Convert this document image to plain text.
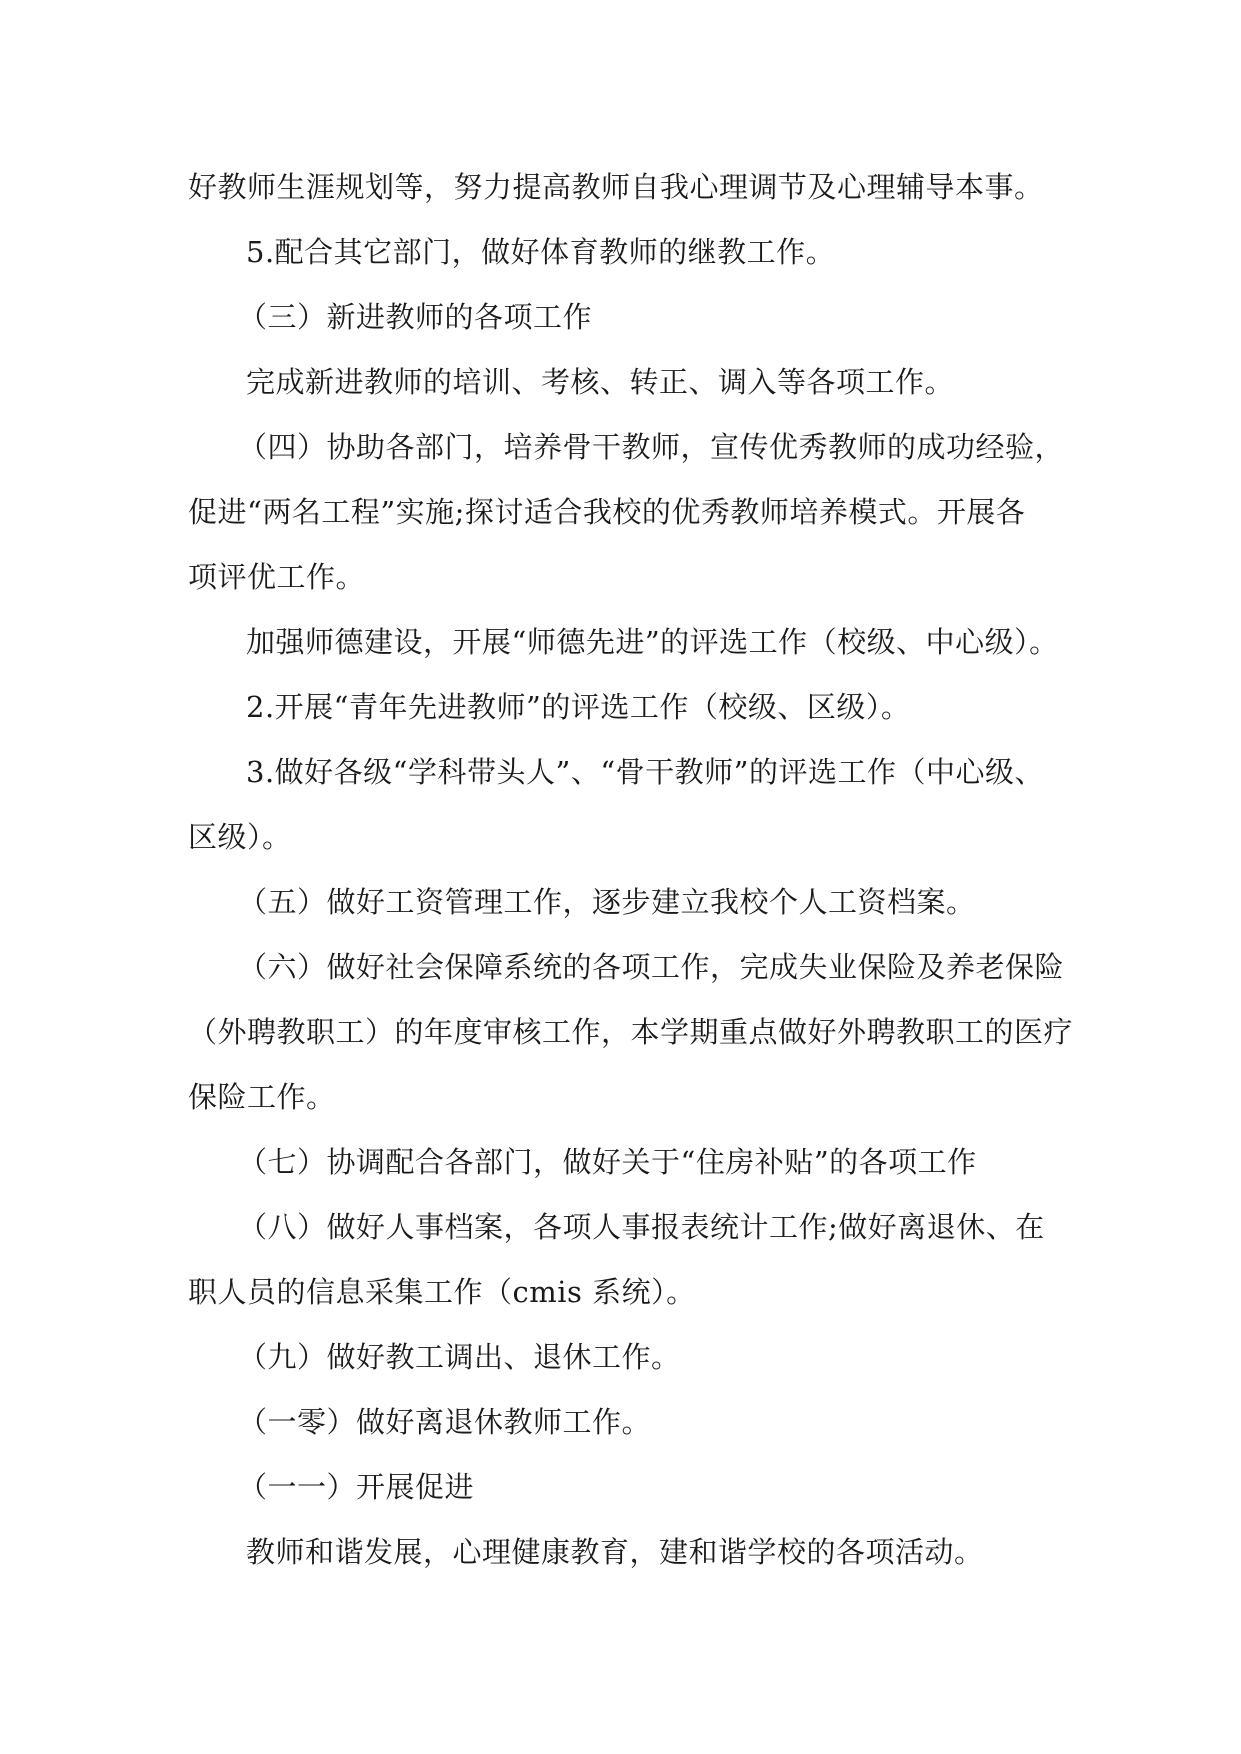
好教师生涯规划等，努力提高教师自我心理调节及心理辅导本事。
5.配合其它部门，做好体育教师的继教工作。
（三）新进教师的各项工作
完成新进教师的培训、考核、转正、调入等各项工作。
（四）协助各部门，培养骨干教师，宣传优秀教师的成功经验，
促进“两名工程”实施;探讨适合我校的优秀教师培养模式。开展各
项评优工作。
加强师德建设，开展“师德先进”的评选工作（校级、中心级）。
2.开展“青年先进教师”的评选工作（校级、区级）。
3.做好各级“学科带头人”、“骨干教师”的评选工作（中心级、
区级）。
（五）做好工资管理工作，逐步建立我校个人工资档案。
（六）做好社会保障系统的各项工作，完成失业保险及养老保险
（外聘教职工）的年度审核工作，本学期重点做好外聘教职工的医疗
保险工作。
（七）协调配合各部门，做好关于“住房补贴”的各项工作
（八）做好人事档案，各项人事报表统计工作;做好离退休、在
职人员的信息采集工作（cmis 系统）。
（九）做好教工调出、退休工作。
（一零）做好离退休教师工作。
（一一）开展促进
教师和谐发展，心理健康教育，建和谐学校的各项活动。
